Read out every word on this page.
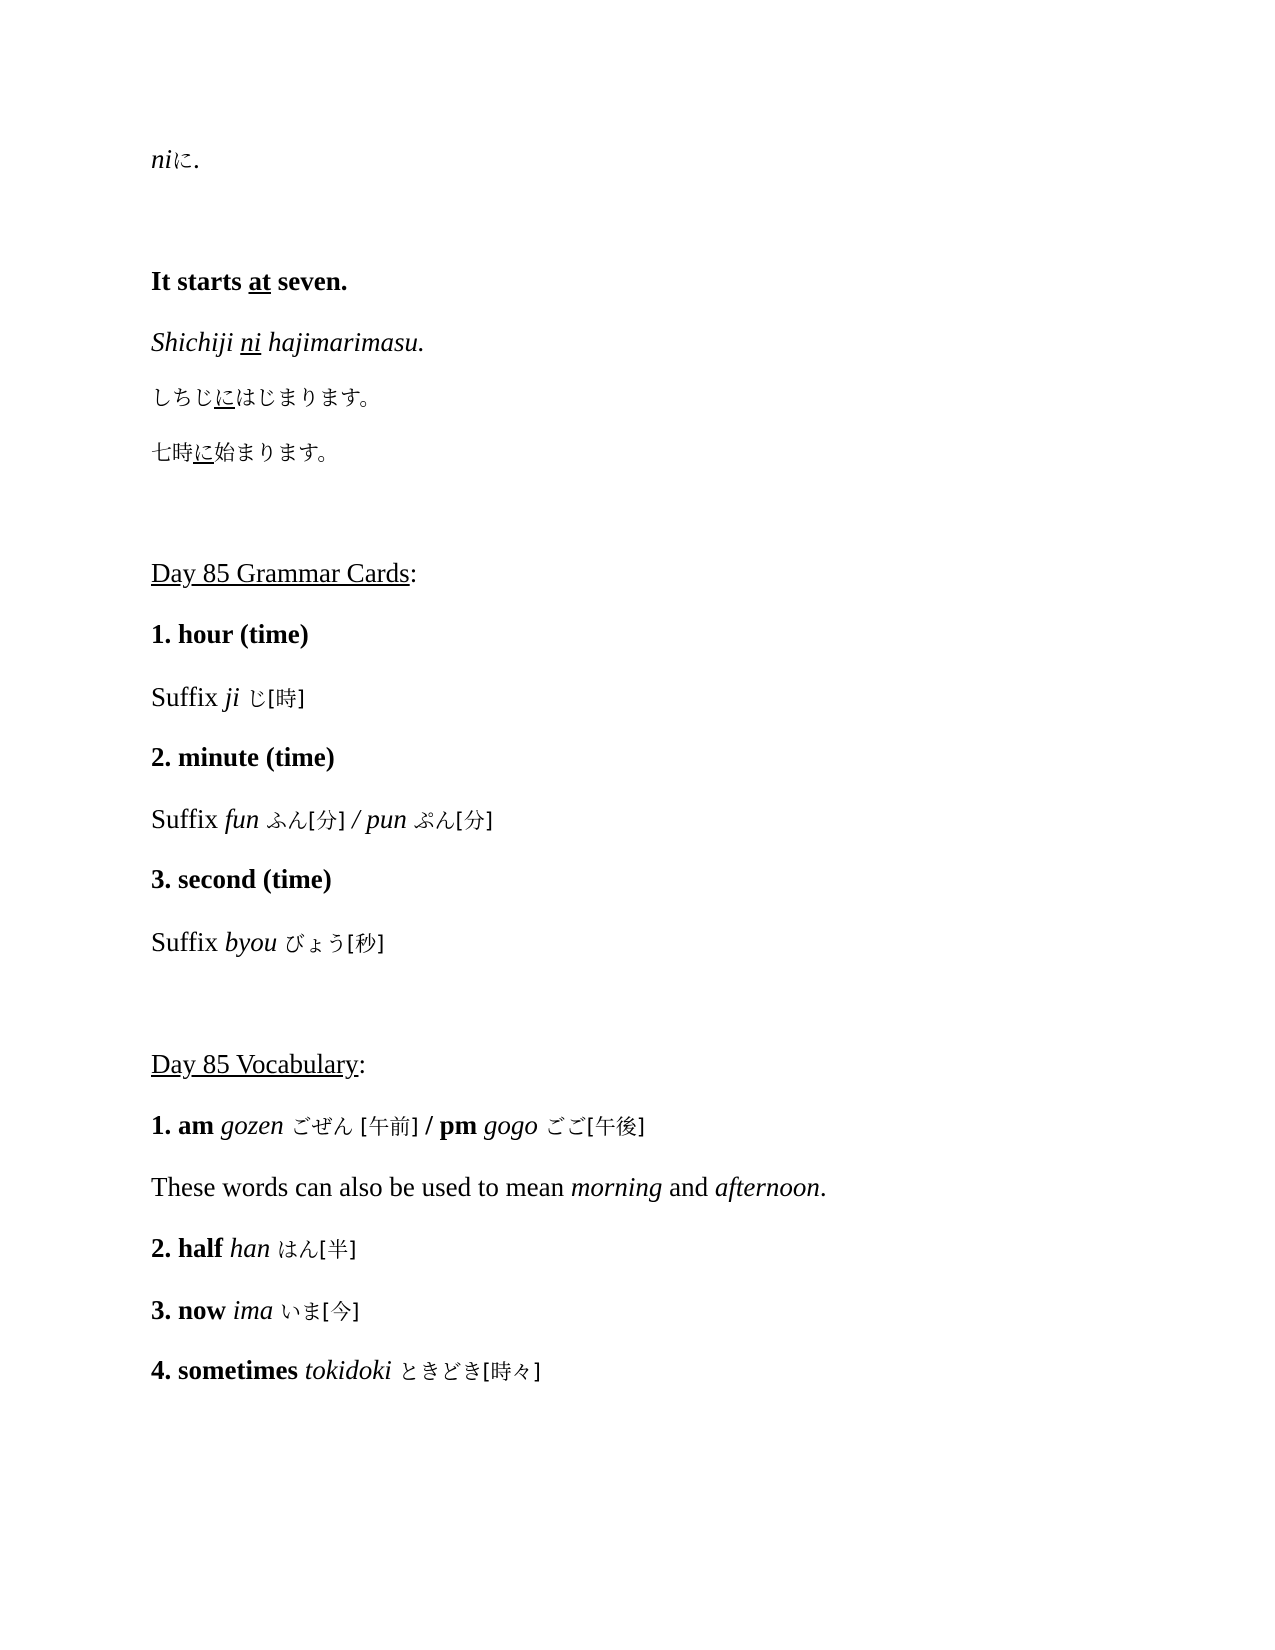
niに.
It starts at seven.
Shichiji ni hajimarimasu.
しちじにはじまります。
七時に始まります。
Day 85 Grammar Cards:
1. hour (time)
Suffix ji じ[時]
2. minute (time)
Suffix fun ふん[分] / pun ぷん[分]
3. second (time)
Suffix byou びょう[秒]
Day 85 Vocabulary:
1. am gozen ごぜん [午前] / pm gogo ごご[午後]
These words can also be used to mean morning and afternoon.
2. half han はん[半]
3. now ima いま[今]
4. sometimes tokidoki ときどき[時々]
